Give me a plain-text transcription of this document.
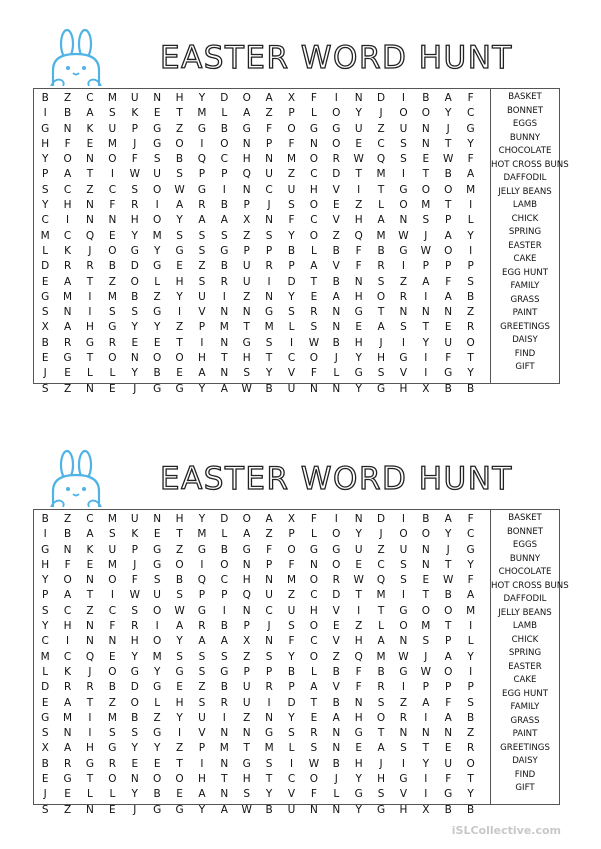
EASTER WORD HUNT
B	Z	C	M	U	N	H	Y	D	O	A	X	F	I	N	D	I	B	A	F
I	B	A	S	K	E	T	M	L	A	Z	P	L	O	Y	J	O	O	Y	C
G	N	K	U	P	G	Z	G	B	G	F	O	G	G	U	Z	U	N	J	G
H	F	E	M	J	G	O	I	O	N	P	F	N	O	E	C	S	N	T	Y
Y	O	N	O	F	S	B	Q	C	H	N	M	O	R	W	Q	S	E	W	F
P	A	T	I	W	U	S	P	P	Q	U	Z	C	D	T	M	I	T	B	A
S	C	Z	C	S	O	W	G	I	N	C	U	H	V	I	T	G	O	O	M
Y	H	N	F	R	I	A	R	B	P	J	S	O	E	Z	L	O	M	T	I
C	I	N	N	H	O	Y	A	A	X	N	F	C	V	H	A	N	S	P	L
M	C	Q	E	Y	M	S	S	S	Z	S	Y	O	Z	Q	M	W	J	A	Y
L	K	J	O	G	Y	G	S	G	P	P	B	L	B	F	B	G	W	O	I
D	R	R	B	D	G	E	Z	B	U	R	P	A	V	F	R	I	P	P	P
E	A	T	Z	O	L	H	S	R	U	I	D	T	B	N	S	Z	A	F	S
G	M	I	M	B	Z	Y	U	I	Z	N	Y	E	A	H	O	R	I	A	B
S	N	I	S	S	G	I	V	N	N	G	S	R	N	G	T	N	N	N	Z
X	A	H	G	Y	Y	Z	P	M	T	M	L	S	N	E	A	S	T	E	R
B	R	G	R	E	E	T	I	N	G	S	I	W	B	H	J	I	Y	U	O
E	G	T	O	N	O	O	H	T	H	T	C	O	J	Y	H	G	I	F	T
J	E	L	L	Y	B	E	A	N	S	Y	V	F	L	G	S	V	I	G	Y
S	Z	N	E	J	G	G	Y	A	W	B	U	N	N	Y	G	H	X	B	B
BASKET
BONNET
EGGS
BUNNY
CHOCOLATE
HOT CROSS BUNS
DAFFODIL
JELLY BEANS
LAMB
CHICK
SPRING
EASTER
CAKE
EGG HUNT
FAMILY
GRASS
PAINT
GREETINGS
DAISY
FIND
GIFT
EASTER WORD HUNT
B	Z	C	M	U	N	H	Y	D	O	A	X	F	I	N	D	I	B	A	F
I	B	A	S	K	E	T	M	L	A	Z	P	L	O	Y	J	O	O	Y	C
G	N	K	U	P	G	Z	G	B	G	F	O	G	G	U	Z	U	N	J	G
H	F	E	M	J	G	O	I	O	N	P	F	N	O	E	C	S	N	T	Y
Y	O	N	O	F	S	B	Q	C	H	N	M	O	R	W	Q	S	E	W	F
P	A	T	I	W	U	S	P	P	Q	U	Z	C	D	T	M	I	T	B	A
S	C	Z	C	S	O	W	G	I	N	C	U	H	V	I	T	G	O	O	M
Y	H	N	F	R	I	A	R	B	P	J	S	O	E	Z	L	O	M	T	I
C	I	N	N	H	O	Y	A	A	X	N	F	C	V	H	A	N	S	P	L
M	C	Q	E	Y	M	S	S	S	Z	S	Y	O	Z	Q	M	W	J	A	Y
L	K	J	O	G	Y	G	S	G	P	P	B	L	B	F	B	G	W	O	I
D	R	R	B	D	G	E	Z	B	U	R	P	A	V	F	R	I	P	P	P
E	A	T	Z	O	L	H	S	R	U	I	D	T	B	N	S	Z	A	F	S
G	M	I	M	B	Z	Y	U	I	Z	N	Y	E	A	H	O	R	I	A	B
S	N	I	S	S	G	I	V	N	N	G	S	R	N	G	T	N	N	N	Z
X	A	H	G	Y	Y	Z	P	M	T	M	L	S	N	E	A	S	T	E	R
B	R	G	R	E	E	T	I	N	G	S	I	W	B	H	J	I	Y	U	O
E	G	T	O	N	O	O	H	T	H	T	C	O	J	Y	H	G	I	F	T
J	E	L	L	Y	B	E	A	N	S	Y	V	F	L	G	S	V	I	G	Y
S	Z	N	E	J	G	G	Y	A	W	B	U	N	N	Y	G	H	X	B	B
BASKET
BONNET
EGGS
BUNNY
CHOCOLATE
HOT CROSS BUNS
DAFFODIL
JELLY BEANS
LAMB
CHICK
SPRING
EASTER
CAKE
EGG HUNT
FAMILY
GRASS
PAINT
GREETINGS
DAISY
FIND
GIFT
iSLCollective.com
